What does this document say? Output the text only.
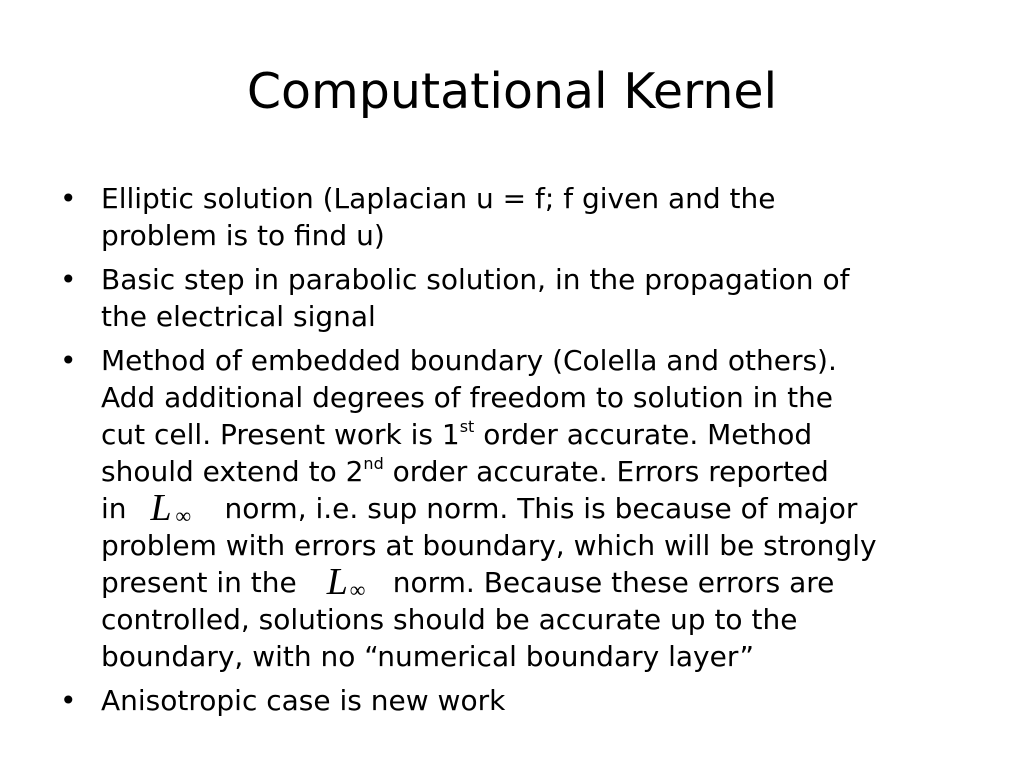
Computational Kernel
• Elliptic solution (Laplacian u = f; f given and the
problem is to find u)
• Basic step in parabolic solution, in the propagation of
the electrical signal
• Method of embedded boundary (Colella and others).
Add additional degrees of freedom to solution in the
cut cell. Present work is 1st order accurate. Method
should extend to 2nd order accurate. Errors reported
in L ∞ norm, i.e. sup norm. This is because of major
problem with errors at boundary, which will be strongly
present in the L ∞ norm. Because these errors are
controlled, solutions should be accurate up to the
boundary, with no “numerical boundary layer”
• Anisotropic case is new work
